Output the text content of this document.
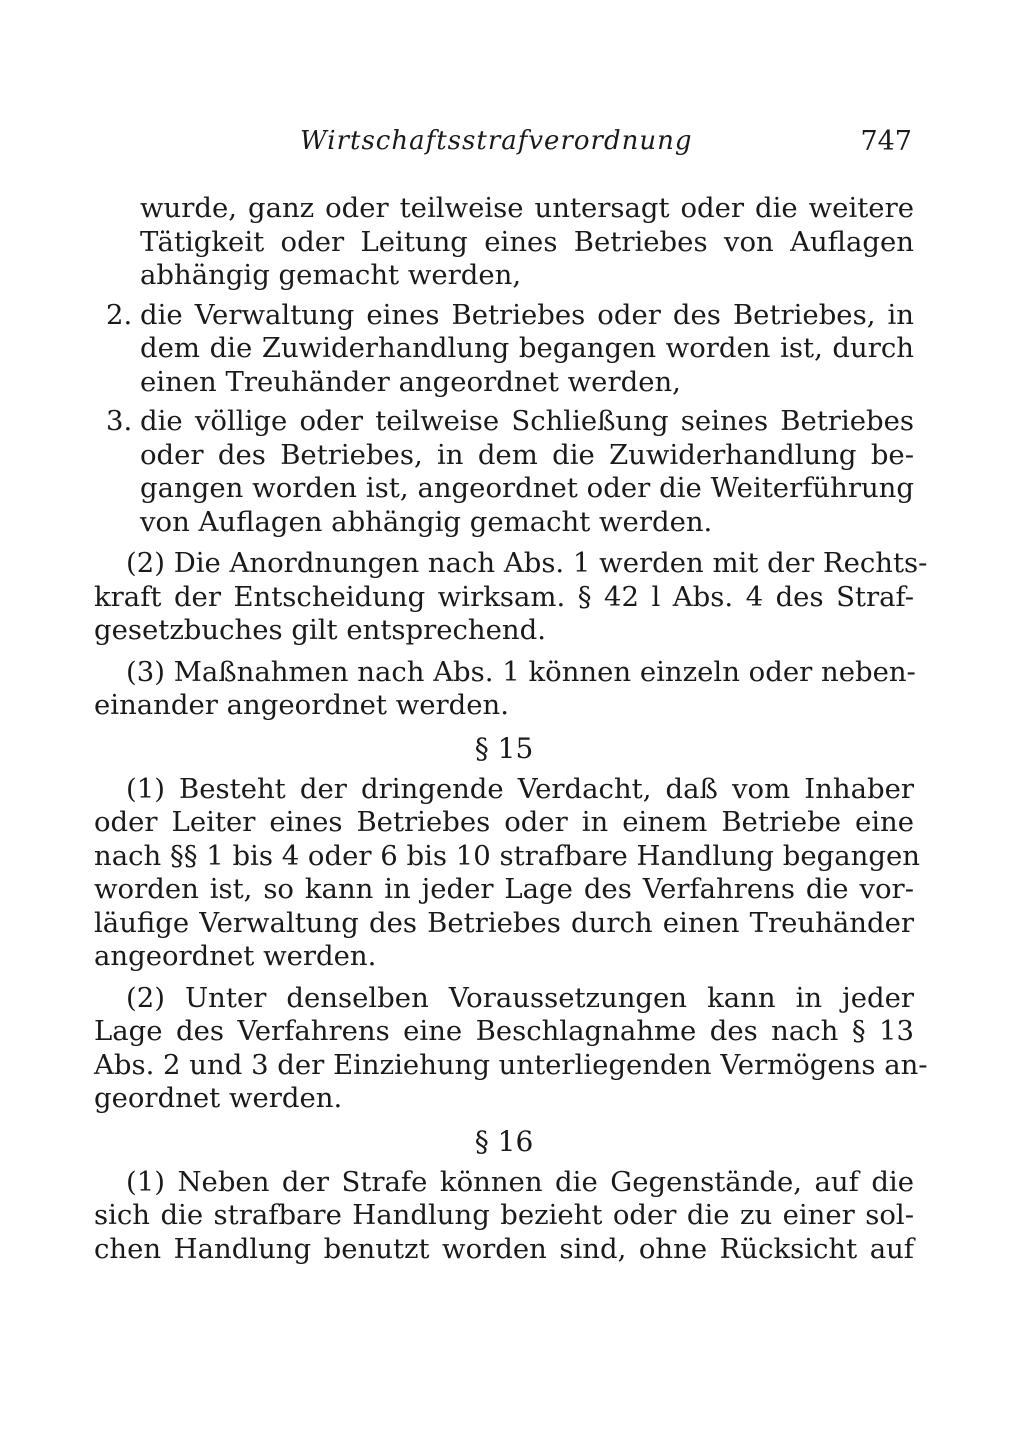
Wirtschaftsstrafverordnung	747
wurde, ganz oder teilweise untersagt oder die weitere
Tätigkeit oder Leitung eines Betriebes von Auflagen
abhängig gemacht werden,
2. die Verwaltung eines Betriebes oder des Betriebes, in
dem die Zuwiderhandlung begangen worden ist, durch
einen Treuhänder angeordnet werden,
3. die völlige oder teilweise Schließung seines Betriebes
oder des Betriebes, in dem die Zuwiderhandlung be-
gangen worden ist, angeordnet oder die Weiterführung
von Auflagen abhängig gemacht werden.
(2) Die Anordnungen nach Abs. 1 werden mit der Rechts-
kraft der Entscheidung wirksam. § 42 l Abs. 4 des Straf-
gesetzbuches gilt entsprechend.
(3) Maßnahmen nach Abs. 1 können einzeln oder neben-
einander angeordnet werden.
§ 15
(1) Besteht der dringende Verdacht, daß vom Inhaber
oder Leiter eines Betriebes oder in einem Betriebe eine
nach §§ 1 bis 4 oder 6 bis 10 strafbare Handlung begangen
worden ist, so kann in jeder Lage des Verfahrens die vor-
läufige Verwaltung des Betriebes durch einen Treuhänder
angeordnet werden.
(2) Unter denselben Voraussetzungen kann in jeder
Lage des Verfahrens eine Beschlagnahme des nach § 13
Abs. 2 und 3 der Einziehung unterliegenden Vermögens an-
geordnet werden.
§ 16
(1) Neben der Strafe können die Gegenstände, auf die
sich die strafbare Handlung bezieht oder die zu einer sol-
chen Handlung benutzt worden sind, ohne Rücksicht auf
